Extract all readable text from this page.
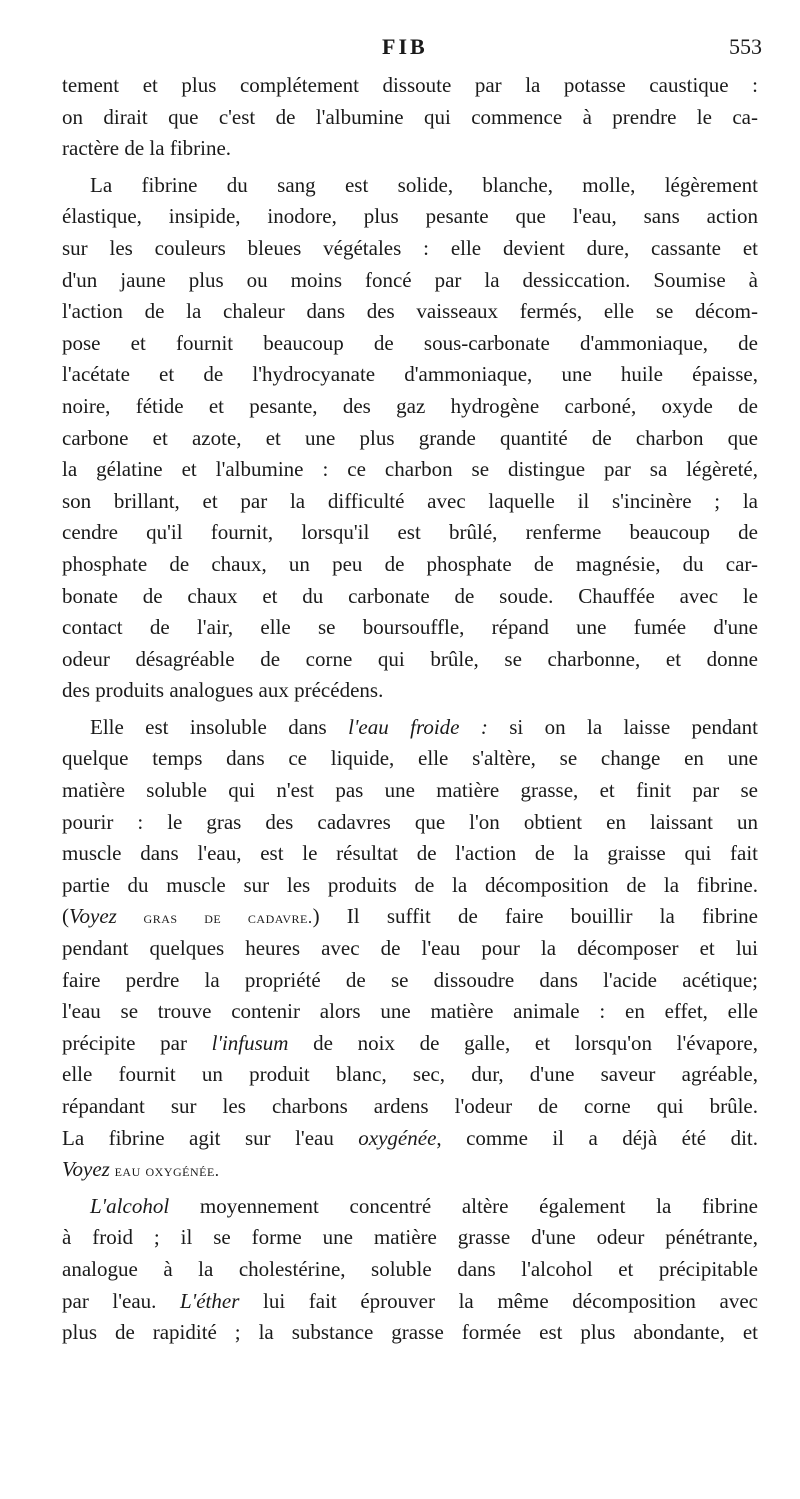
FIB	553
tement et plus complétement dissoute par la potasse caustique :
on dirait que c'est de l'albumine qui commence à prendre le ca-
ractère de la fibrine.
La fibrine du sang est solide, blanche, molle, légèrement
élastique, insipide, inodore, plus pesante que l'eau, sans action
sur les couleurs bleues végétales : elle devient dure, cassante et
d'un jaune plus ou moins foncé par la dessiccation. Soumise à
l'action de la chaleur dans des vaisseaux fermés, elle se décom-
pose et fournit beaucoup de sous-carbonate d'ammoniaque, de
l'acétate et de l'hydrocyanate d'ammoniaque, une huile épaisse,
noire, fétide et pesante, des gaz hydrogène carboné, oxyde de
carbone et azote, et une plus grande quantité de charbon que
la gélatine et l'albumine : ce charbon se distingue par sa légèreté,
son brillant, et par la difficulté avec laquelle il s'incinère ; la
cendre qu'il fournit, lorsqu'il est brûlé, renferme beaucoup de
phosphate de chaux, un peu de phosphate de magnésie, du car-
bonate de chaux et du carbonate de soude. Chauffée avec le
contact de l'air, elle se boursouffle, répand une fumée d'une
odeur désagréable de corne qui brûle, se charbonne, et donne
des produits analogues aux précédens.
Elle est insoluble dans l'eau froide : si on la laisse pendant
quelque temps dans ce liquide, elle s'altère, se change en une
matière soluble qui n'est pas une matière grasse, et finit par se
pourir : le gras des cadavres que l'on obtient en laissant un
muscle dans l'eau, est le résultat de l'action de la graisse qui fait
partie du muscle sur les produits de la décomposition de la fibrine.
(Voyez gras de cadavre.) Il suffit de faire bouillir la fibrine
pendant quelques heures avec de l'eau pour la décomposer et lui
faire perdre la propriété de se dissoudre dans l'acide acétique;
l'eau se trouve contenir alors une matière animale : en effet, elle
précipite par l'infusum de noix de galle, et lorsqu'on l'évapore,
elle fournit un produit blanc, sec, dur, d'une saveur agréable,
répandant sur les charbons ardens l'odeur de corne qui brûle.
La fibrine agit sur l'eau oxygénée, comme il a déjà été dit.
Voyez eau oxygénée.
L'alcohol moyennement concentré altère également la fibrine
à froid ; il se forme une matière grasse d'une odeur pénétrante,
analogue à la cholestérine, soluble dans l'alcohol et précipitable
par l'eau. L'éther lui fait éprouver la même décomposition avec
plus de rapidité ; la substance grasse formée est plus abondante, et
